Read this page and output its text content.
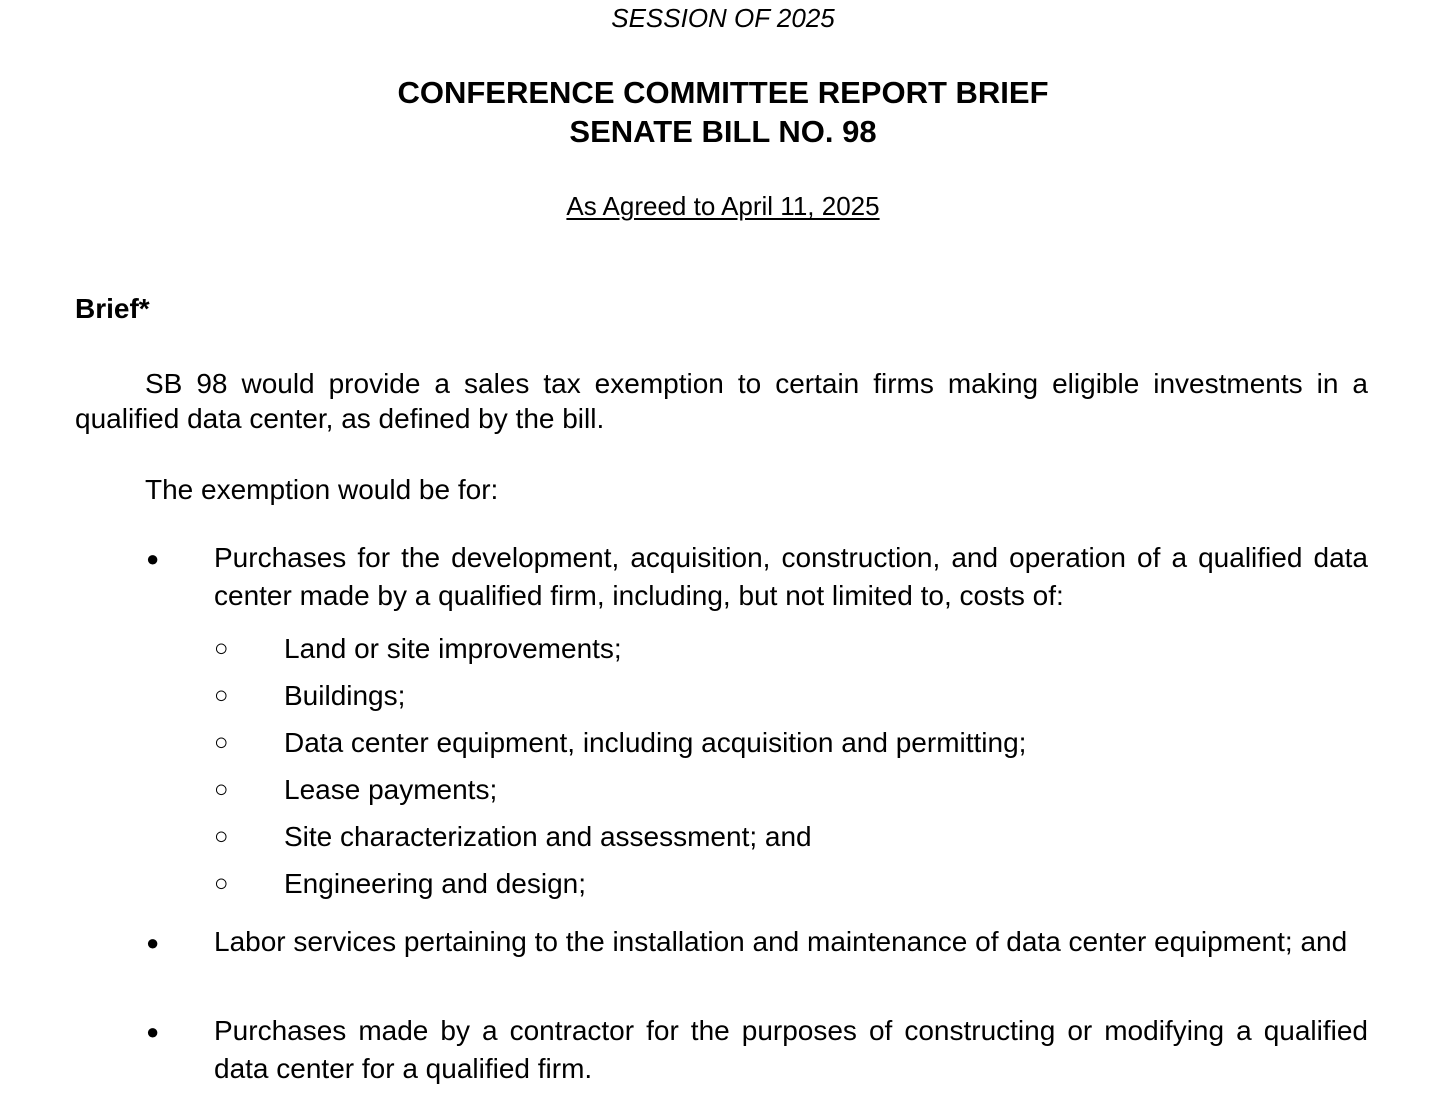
SESSION OF 2025
CONFERENCE COMMITTEE REPORT BRIEF
SENATE BILL NO. 98
As Agreed to April 11, 2025
Brief*
SB 98 would provide a sales tax exemption to certain firms making eligible investments in a qualified data center, as defined by the bill.
The exemption would be for:
● Purchases for the development, acquisition, construction, and operation of a qualified data center made by a qualified firm, including, but not limited to, costs of:
○ Land or site improvements;
○ Buildings;
○ Data center equipment, including acquisition and permitting;
○ Lease payments;
○ Site characterization and assessment; and
○ Engineering and design;
● Labor services pertaining to the installation and maintenance of data center equipment; and
● Purchases made by a contractor for the purposes of constructing or modifying a qualified data center for a qualified firm.
